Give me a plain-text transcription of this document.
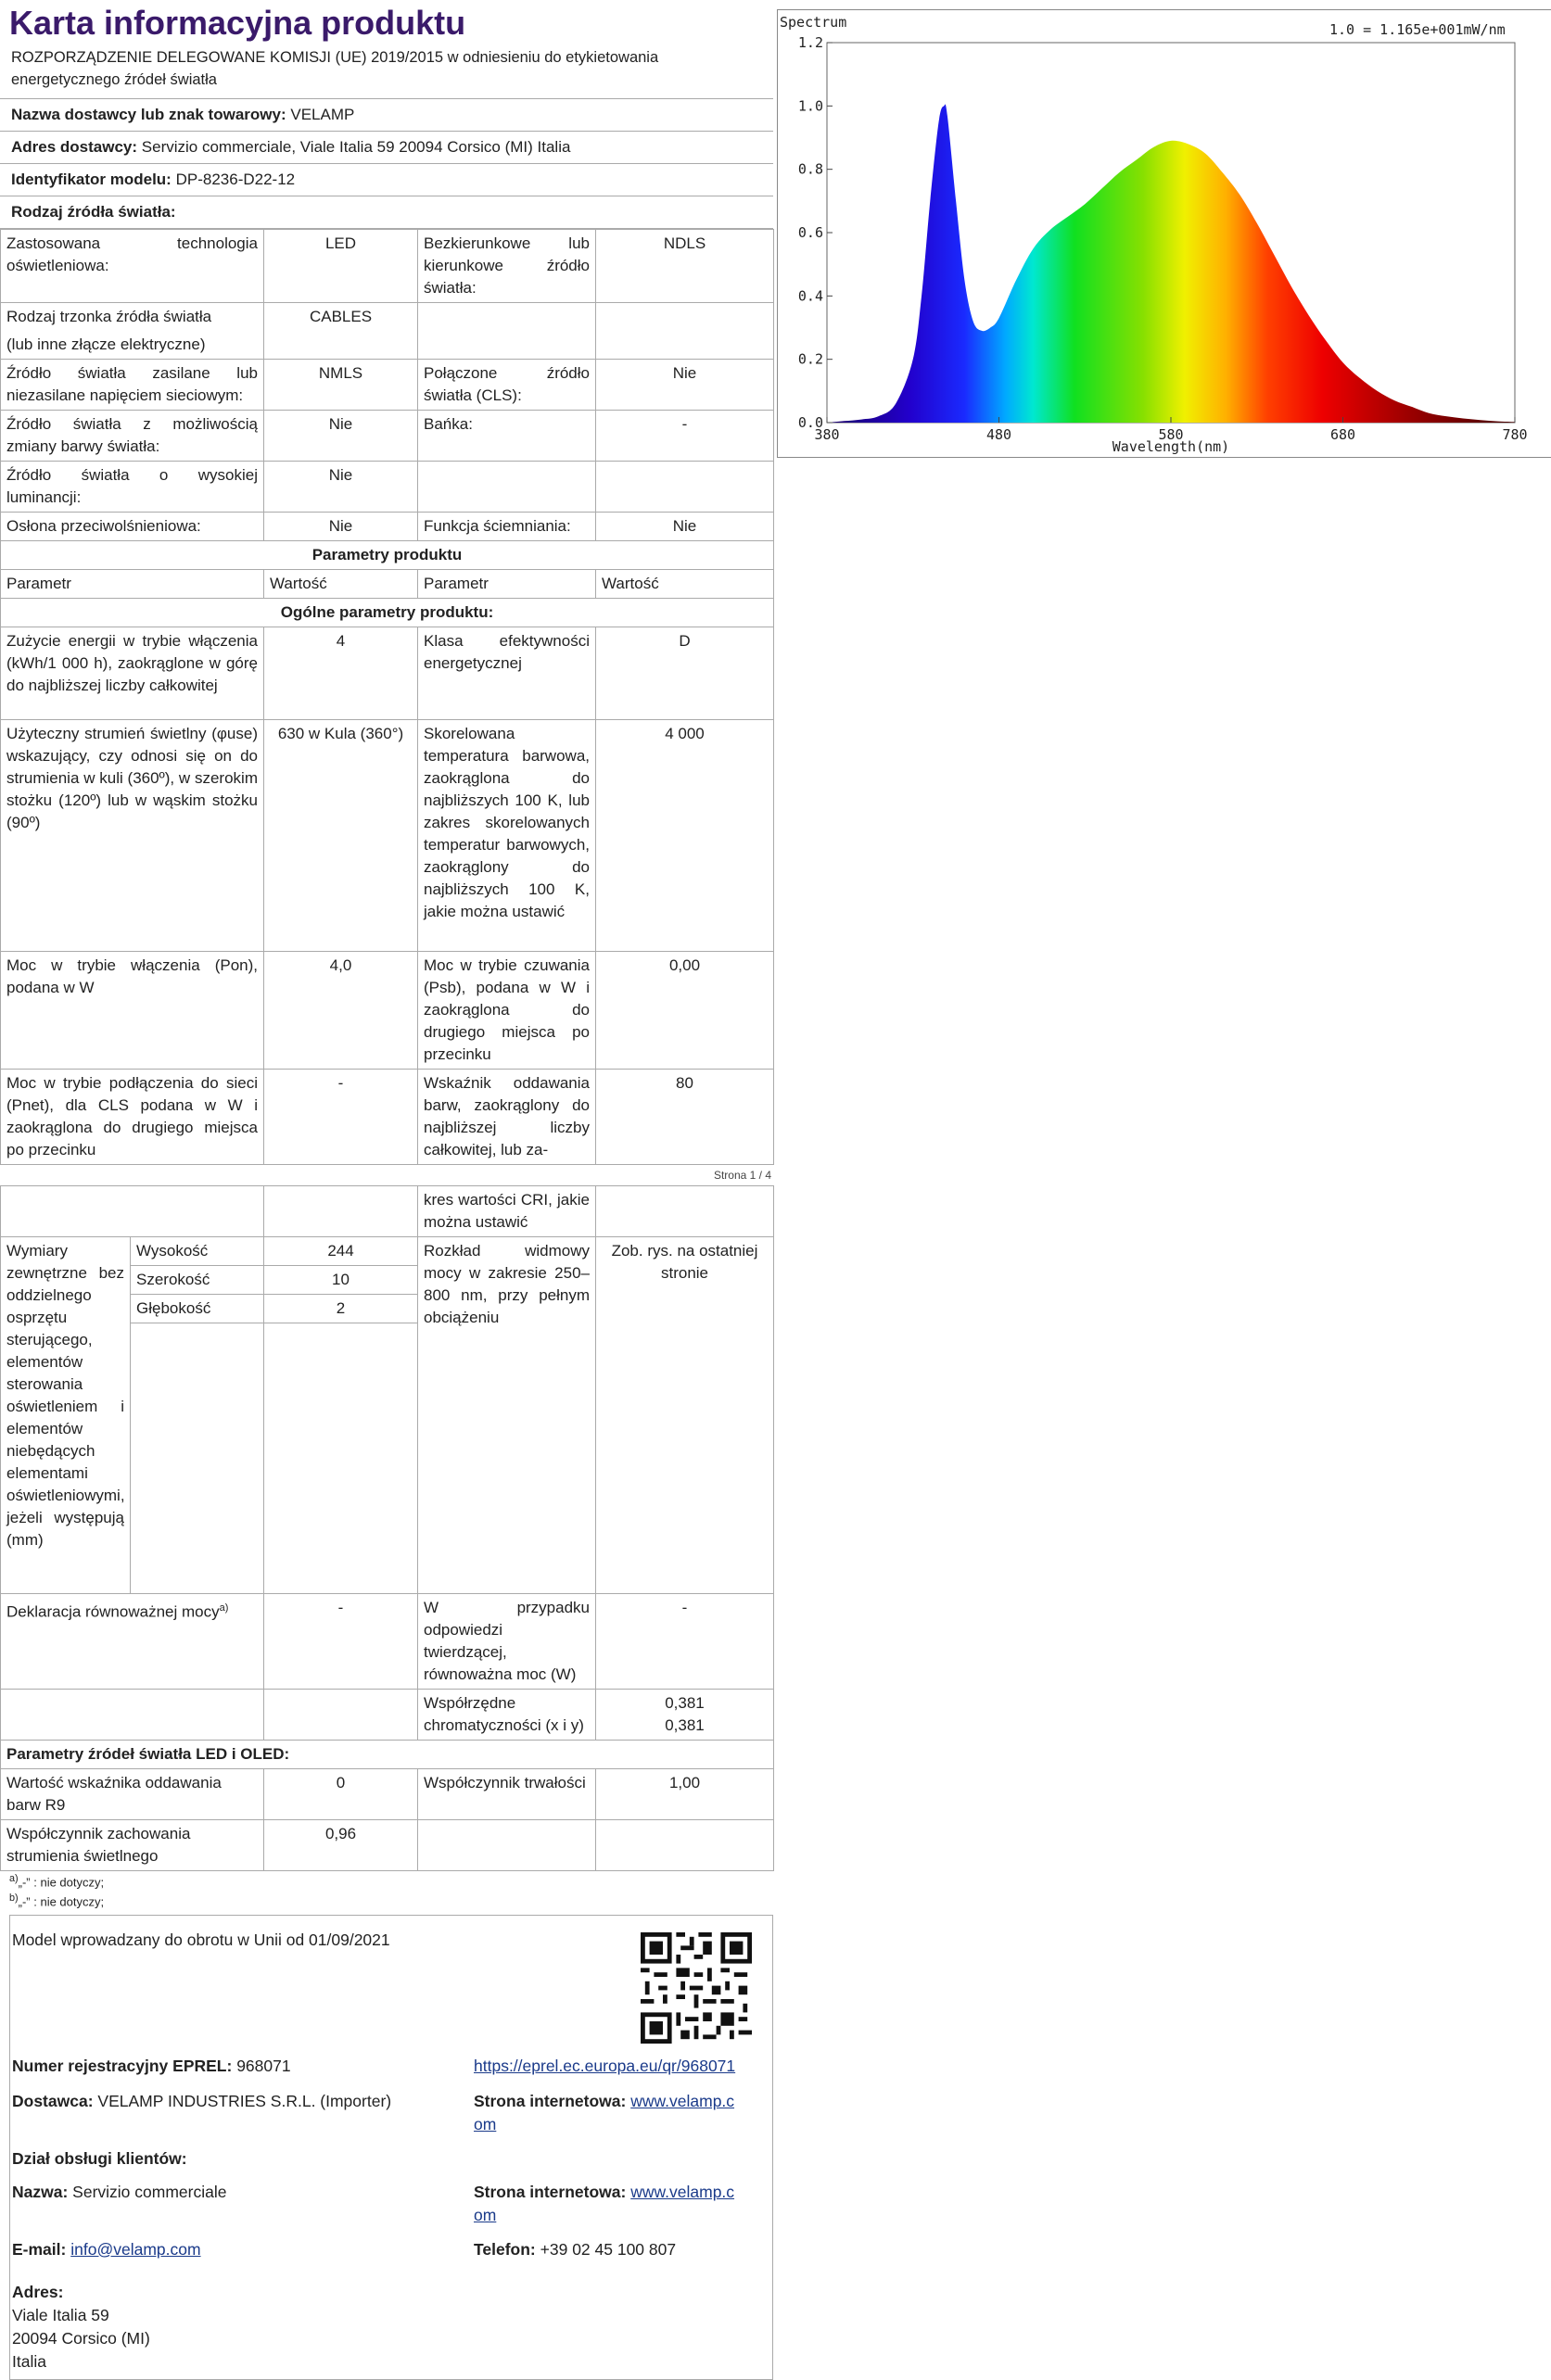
Karta informacyjna produktu
ROZPORZĄDZENIE DELEGOWANE KOMISJI (UE) 2019/2015 w odniesieniu do etykietowania energetycznego źródeł światła
Nazwa dostawcy lub znak towarowy: VELAMP
Adres dostawcy: Servizio commerciale, Viale Italia 59 20094 Corsico (MI) Italia
Identyfikator modelu: DP-8236-D22-12
Rodzaj źródła światła:
Zastosowana technologia oświetleniowa:	LED	Bezkierunkowe lub kierunkowe źródło światła:	NDLS

Rodzaj trzonka źródła światła
(lub inne złącze elektryczne)	CABLES		
Źródło światła zasilane lub niezasilane napięciem sieciowym:	NMLS	Połączone źródło światła (CLS):	Nie
Źródło światła z możliwością zmiany barwy światła:	Nie	Bańka:	-
Źródło światła o wysokiej luminancji:	Nie		
Osłona przeciwolśnieniowa:	Nie	Funkcja ściemniania:	Nie
Parametry produktu			
Parametr	Wartość	Parametr	Wartość
Ogólne parametry produktu:			
Zużycie energii w trybie włączenia (kWh/1 000 h), zaokrąglone w górę do najbliższej liczby całkowitej	4	Klasa efektywności energetycznej	D
Użyteczny strumień świetlny (φuse) wskazujący, czy odnosi się on do strumienia w kuli (360º), w szerokim stożku (120º) lub w wąskim stożku (90º)	630 w Kula (360°)	Skorelowana temperatura barwowa, zaokrąglona do najbliższych 100 K, lub zakres skorelowanych temperatur barwowych, zaokrąglony do najbliższych 100 K, jakie można ustawić	4 000
Moc w trybie włączenia (Pon), podana w W	4,0	Moc w trybie czuwania (Psb), podana w W i zaokrąglona do drugiego miejsca po przecinku	0,00
Moc w trybie podłączenia do sieci (Pnet), dla CLS podana w W i zaokrąglona do drugiego miejsca po przecinku	-	Wskaźnik oddawania barw, zaokrąglony do najbliższej liczby całkowitej, lub za-	80
Strona 1 / 4
			kres wartości CRI, jakie można ustawić	
Wymiary zewnętrzne bez oddzielnego osprzętu sterującego, elementów sterowania oświetleniem i elementów niebędących elementami oświetleniowymi, jeżeli występują (mm)	Wysokość	244	Rozkład widmowy mocy w zakresie 250–800 nm, przy pełnym obciążeniu	Zob. rys. na ostatniej stronie
	Szerokość	10		
	Głębokość	2		

Deklaracja równoważnej mocy$^{a)}$		-	W przypadku odpowiedzi twierdzącej, równoważna moc (W)	-
			Współrzędne chromatyczności (x i y)	0,381
0,381

Parametry źródeł światła LED i OLED:				
Wartość wskaźnika oddawania barw R9		0	Współczynnik trwałości	1,00
Współczynnik zachowania strumienia świetlnego		0,96		
$^{a)}$„-” : nie dotyczy;
$^{b)}$„-” : nie dotyczy;
Model wprowadzany do obrotu w Unii od 01/09/2021
Numer rejestracyjny EPREL: 968071	https://eprel.ec.europa.eu/qr/968071
Dostawca: VELAMP INDUSTRIES S.R.L. (Importer)	Strona internetowa: www.velamp.c
om
Dział obsługi klientów:
Nazwa: Servizio commerciale	Strona internetowa: www.velamp.c
om
E-mail: info@velamp.com	Telefon: +39 02 45 100 807
Adres:
Viale Italia 59
20094 Corsico (MI)
Italia
Spectrum	1.0 = 1.165e+001mW/nm
0.0
0.2
0.4
0.6
0.8
1.0
1.2
380	480	580	680	780
Wavelength(nm)
